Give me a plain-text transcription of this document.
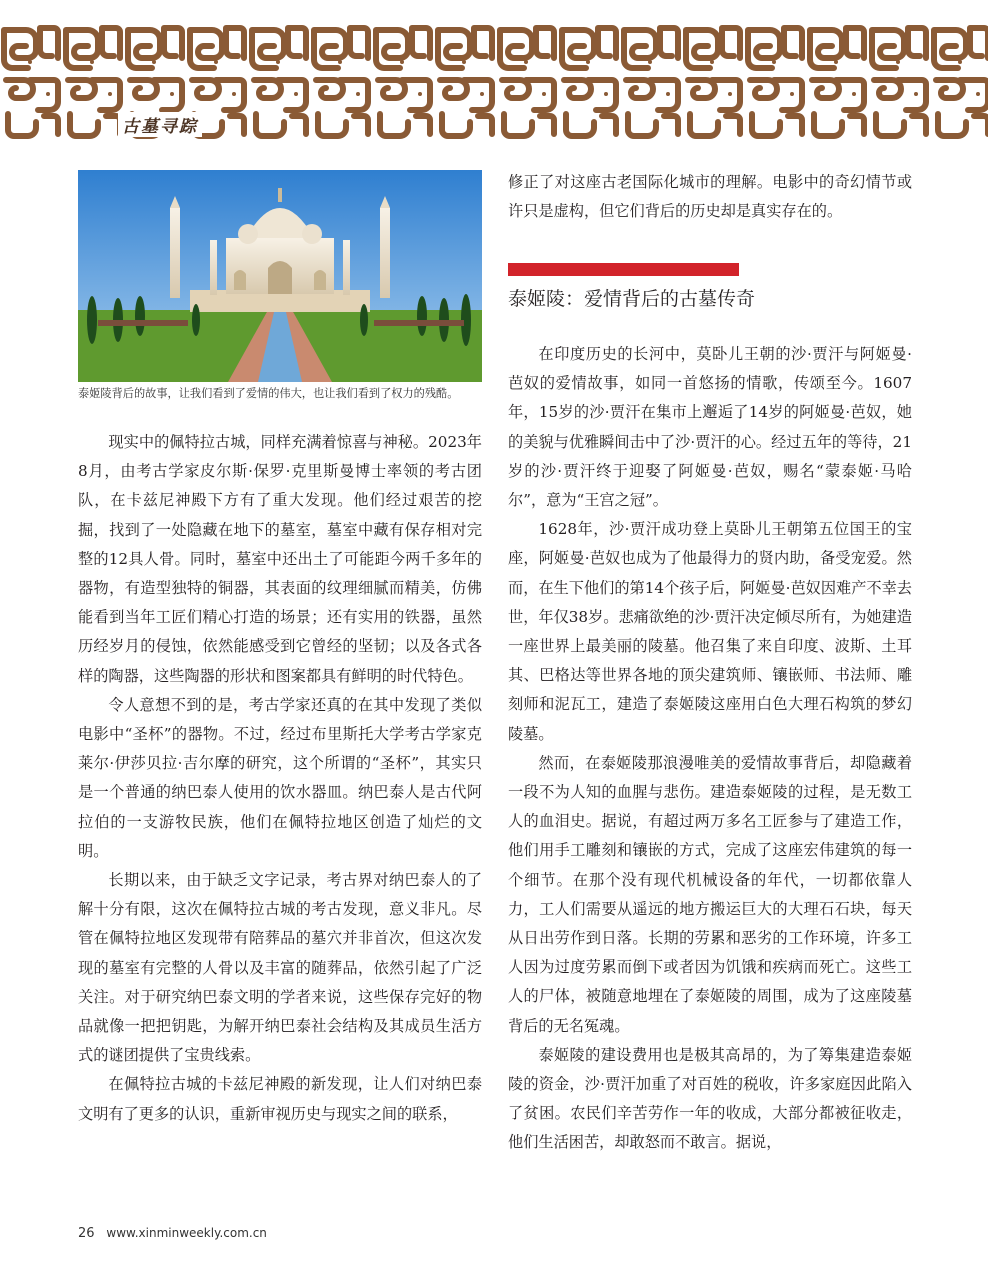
古墓寻踪
泰姬陵背后的故事，让我们看到了爱情的伟大，也让我们看到了权力的残酷。

现实中的佩特拉古城，同样充满着惊喜与神秘。2023年8月，由考古学家皮尔斯·保罗·克里斯曼博士率领的考古团队，在卡兹尼神殿下方有了重大发现。他们经过艰苦的挖掘，找到了一处隐藏在地下的墓室，墓室中藏有保存相对完整的12具人骨。同时，墓室中还出土了可能距今两千多年的器物，有造型独特的铜器，其表面的纹理细腻而精美，仿佛能看到当年工匠们精心打造的场景；还有实用的铁器，虽然历经岁月的侵蚀，依然能感受到它曾经的坚韧；以及各式各样的陶器，这些陶器的形状和图案都具有鲜明的时代特色。

令人意想不到的是，考古学家还真的在其中发现了类似电影中“圣杯”的器物。不过，经过布里斯托大学考古学家克莱尔·伊莎贝拉·吉尔摩的研究，这个所谓的“圣杯”，其实只是一个普通的纳巴泰人使用的饮水器皿。纳巴泰人是古代阿拉伯的一支游牧民族，他们在佩特拉地区创造了灿烂的文明。

长期以来，由于缺乏文字记录，考古界对纳巴泰人的了解十分有限，这次在佩特拉古城的考古发现，意义非凡。尽管在佩特拉地区发现带有陪葬品的墓穴并非首次，但这次发现的墓室有完整的人骨以及丰富的随葬品，依然引起了广泛关注。对于研究纳巴泰文明的学者来说，这些保存完好的物品就像一把把钥匙，为解开纳巴泰社会结构及其成员生活方式的谜团提供了宝贵线索。

在佩特拉古城的卡兹尼神殿的新发现，让人们对纳巴泰文明有了更多的认识，重新审视历史与现实之间的联系，

修正了对这座古老国际化城市的理解。电影中的奇幻情节或许只是虚构，但它们背后的历史却是真实存在的。

泰姬陵：爱情背后的古墓传奇

在印度历史的长河中，莫卧儿王朝的沙·贾汗与阿姬曼·芭奴的爱情故事，如同一首悠扬的情歌，传颂至今。1607年，15岁的沙·贾汗在集市上邂逅了14岁的阿姬曼·芭奴，她的美貌与优雅瞬间击中了沙·贾汗的心。经过五年的等待，21岁的沙·贾汗终于迎娶了阿姬曼·芭奴，赐名“蒙泰姬·马哈尔”，意为“王宫之冠”。

1628年，沙·贾汗成功登上莫卧儿王朝第五位国王的宝座，阿姬曼·芭奴也成为了他最得力的贤内助，备受宠爱。然而，在生下他们的第14个孩子后，阿姬曼·芭奴因难产不幸去世，年仅38岁。悲痛欲绝的沙·贾汗决定倾尽所有，为她建造一座世界上最美丽的陵墓。他召集了来自印度、波斯、土耳其、巴格达等世界各地的顶尖建筑师、镶嵌师、书法师、雕刻师和泥瓦工，建造了泰姬陵这座用白色大理石构筑的梦幻陵墓。

然而，在泰姬陵那浪漫唯美的爱情故事背后，却隐藏着一段不为人知的血腥与悲伤。建造泰姬陵的过程，是无数工人的血泪史。据说，有超过两万多名工匠参与了建造工作，他们用手工雕刻和镶嵌的方式，完成了这座宏伟建筑的每一个细节。在那个没有现代机械设备的年代，一切都依靠人力，工人们需要从遥远的地方搬运巨大的大理石石块，每天从日出劳作到日落。长期的劳累和恶劣的工作环境，许多工人因为过度劳累而倒下或者因为饥饿和疾病而死亡。这些工人的尸体，被随意地埋在了泰姬陵的周围，成为了这座陵墓背后的无名冤魂。

泰姬陵的建设费用也是极其高昂的，为了筹集建造泰姬陵的资金，沙·贾汗加重了对百姓的税收，许多家庭因此陷入了贫困。农民们辛苦劳作一年的收成，大部分都被征收走，他们生活困苦，却敢怒而不敢言。据说，

26 www.xinminweekly.com.cn
